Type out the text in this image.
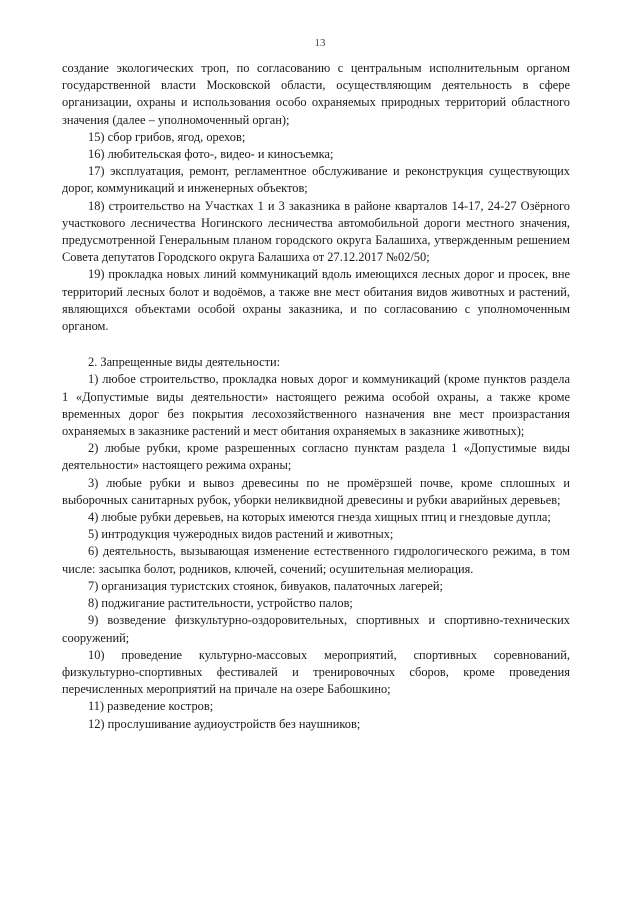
13

создание экологических троп, по согласованию с центральным исполнительным органом государственной власти Московской области, осуществляющим деятельность в сфере организации, охраны и использования особо охраняемых природных территорий областного значения (далее – уполномоченный орган);

15) сбор грибов, ягод, орехов;

16) любительская фото-, видео- и киносъемка;

17) эксплуатация, ремонт, регламентное обслуживание и реконструкция существующих дорог, коммуникаций и инженерных объектов;

18) строительство на Участках 1 и 3 заказника в районе кварталов 14-17, 24-27 Озёрного участкового лесничества Ногинского лесничества автомобильной дороги местного значения, предусмотренной Генеральным планом городского округа Балашиха, утвержденным решением Совета депутатов Городского округа Балашиха от 27.12.2017 №02/50;

19) прокладка новых линий коммуникаций вдоль имеющихся лесных дорог и просек, вне территорий лесных болот и водоёмов, а также вне мест обитания видов животных и растений, являющихся объектами особой охраны заказника, и по согласованию с уполномоченным органом.

2. Запрещенные виды деятельности:

1) любое строительство, прокладка новых дорог и коммуникаций (кроме пунктов раздела 1 «Допустимые виды деятельности» настоящего режима особой охраны, а также кроме временных дорог без покрытия лесохозяйственного назначения вне мест произрастания охраняемых в заказнике растений и мест обитания охраняемых в заказнике животных);

2) любые рубки, кроме разрешенных согласно пунктам раздела 1 «Допустимые виды деятельности» настоящего режима охраны;

3) любые рубки и вывоз древесины по не промёрзшей почве, кроме сплошных и выборочных санитарных рубок, уборки неликвидной древесины и рубки аварийных деревьев;

4) любые рубки деревьев, на которых имеются гнезда хищных птиц и гнездовые дупла;

5) интродукция чужеродных видов растений и животных;

6) деятельность, вызывающая изменение естественного гидрологического режима, в том числе: засыпка болот, родников, ключей, сочений; осушительная мелиорация.

7) организация туристских стоянок, бивуаков, палаточных лагерей;

8) поджигание растительности, устройство палов;

9) возведение физкультурно-оздоровительных, спортивных и спортивно-технических сооружений;

10) проведение культурно-массовых мероприятий, спортивных соревнований, физкультурно-спортивных фестивалей и тренировочных сборов, кроме проведения перечисленных мероприятий на причале на озере Бабошкино;

11) разведение костров;

12) прослушивание аудиоустройств без наушников;
